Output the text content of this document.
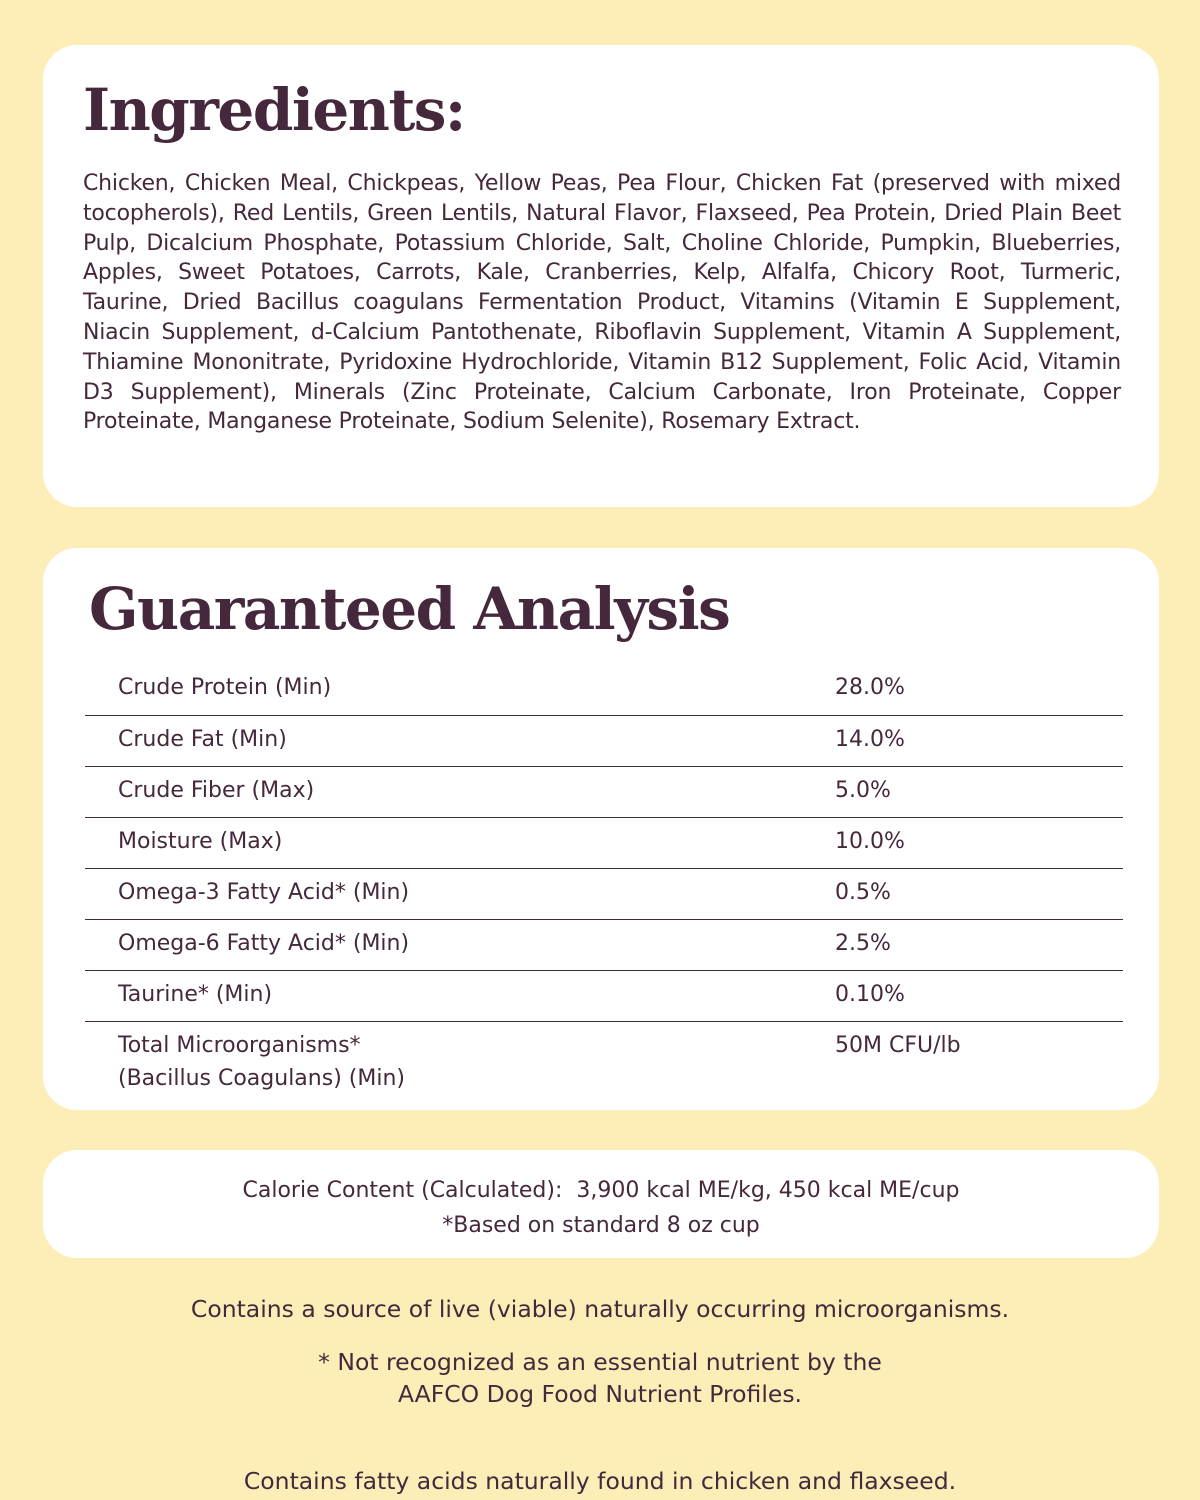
Ingredients:

Chicken, Chicken Meal, Chickpeas, Yellow Peas, Pea Flour, Chicken Fat (preserved with mixed tocopherols), Red Lentils, Green Lentils, Natural Flavor, Flaxseed, Pea Protein, Dried Plain Beet Pulp, Dicalcium Phosphate, Potassium Chloride, Salt, Choline Chloride, Pumpkin, Blueberries, Apples, Sweet Potatoes, Carrots, Kale, Cranberries, Kelp, Alfalfa, Chicory Root, Turmeric, Taurine, Dried Bacillus coagulans Fermentation Product, Vitamins (Vitamin E Supplement, Niacin Supplement, d-Calcium Pantothenate, Riboflavin Supplement, Vitamin A Supplement, Thiamine Mononitrate, Pyridoxine Hydrochloride, Vitamin B12 Supplement, Folic Acid, Vitamin D3 Supplement), Minerals (Zinc Proteinate, Calcium Carbonate, Iron Proteinate, Copper Proteinate, Manganese Proteinate, Sodium Selenite), Rosemary Extract.

Guaranteed Analysis
Crude Protein (Min)	28.0%
Crude Fat (Min)	14.0%
Crude Fiber (Max)	5.0%
Moisture (Max)	10.0%
Omega-3 Fatty Acid* (Min)	0.5%
Omega-6 Fatty Acid* (Min)	2.5%
Taurine* (Min)	0.10%

Total Microorganisms*
(Bacillus Coagulans) (Min)	50M CFU/lb

Calorie Content (Calculated):  3,900 kcal ME/kg, 450 kcal ME/cup

*Based on standard 8 oz cup

Contains a source of live (viable) naturally occurring microorganisms.

* Not recognized as an essential nutrient by the
AAFCO Dog Food Nutrient Profiles.

Contains fatty acids naturally found in chicken and flaxseed.
